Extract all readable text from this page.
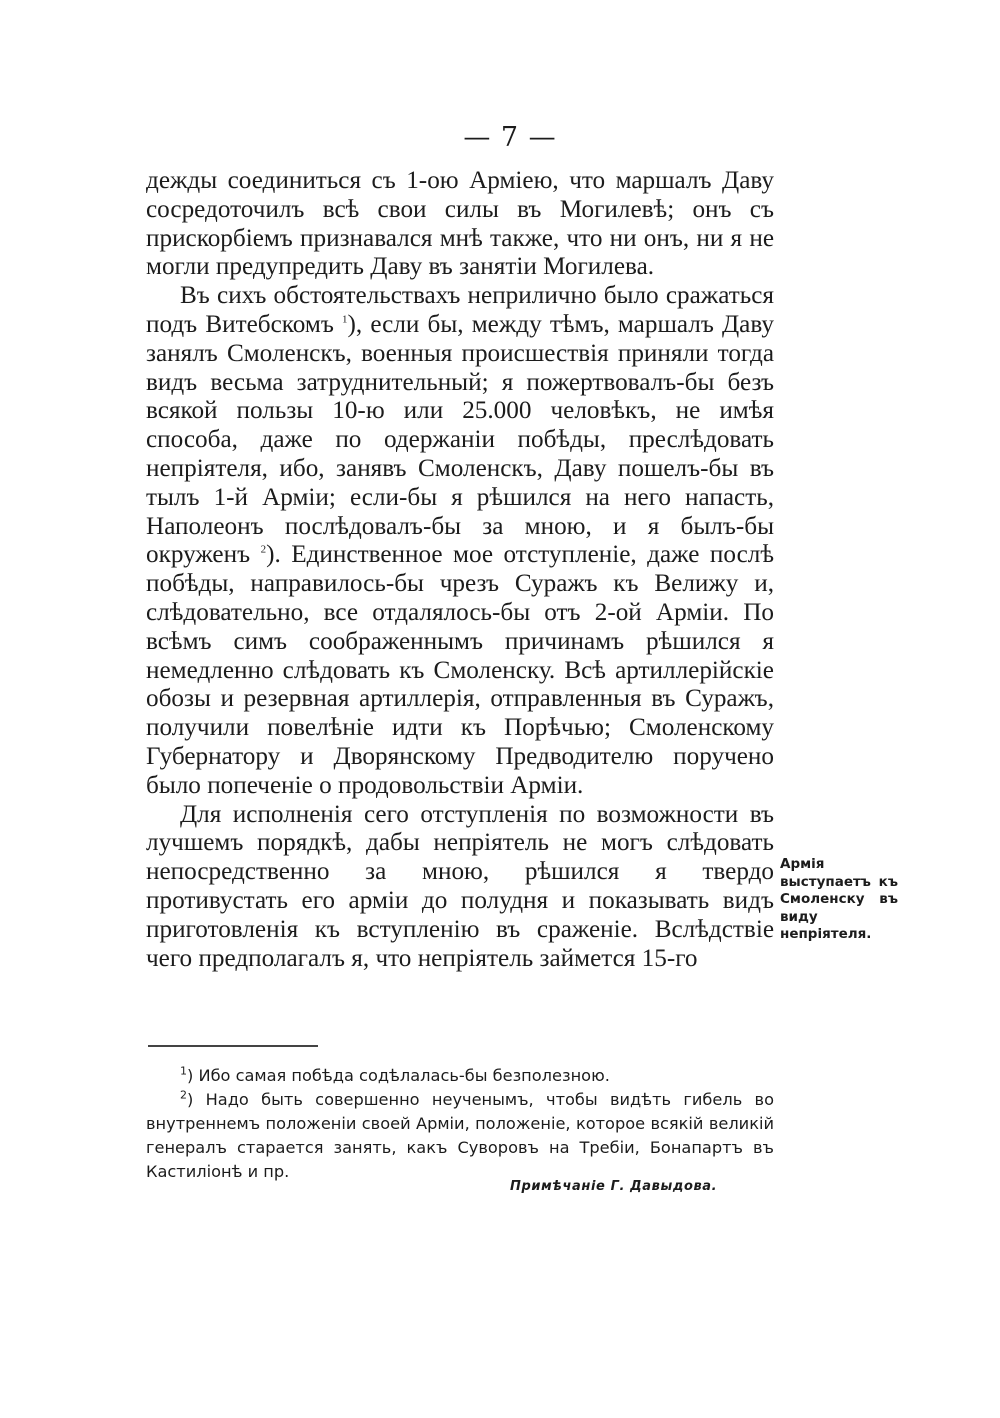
— 7 —

дежды соединиться съ 1-ою Арміею, что маршалъ Даву сосредоточилъ всѣ свои силы въ Могилевѣ; онъ съ прискорбіемъ признавался мнѣ также, что ни онъ, ни я не могли предупредить Даву въ занятіи Могилева.

Въ сихъ обстоятельствахъ неприлично было сражаться подъ Витебскомъ $^1$), если бы, между тѣмъ, маршалъ Даву занялъ Смоленскъ, военныя происшествія приняли тогда видъ весьма затруднительный; я пожертвовалъ-бы безъ всякой пользы 10-ю или 25.000 человѣкъ, не имѣя способа, даже по одержаніи побѣды, преслѣдовать непріятеля, ибо, занявъ Смоленскъ, Даву пошелъ-бы въ тылъ 1-й Арміи; если-бы я рѣшился на него напасть, Наполеонъ послѣдовалъ-бы за мною, и я былъ-бы окруженъ $^2$). Единственное мое отступленіе, даже послѣ побѣды, направилось-бы чрезъ Суражъ къ Велижу и, слѣдовательно, все отдалялось-бы отъ 2-ой Арміи. По всѣмъ симъ соображеннымъ причинамъ рѣшился я немедленно слѣдовать къ Смоленску. Всѣ артиллерійскіе обозы и резервная артиллерія, отправленныя въ Суражъ, получили повелѣніе идти къ Порѣчью; Смоленскому Губернатору и Дворянскому Предводителю поручено было попеченіе о продовольствіи Арміи.

Для исполненія сего отступленія по возможности въ лучшемъ порядкѣ, дабы непріятель не могъ слѣдовать непосредственно за мною, рѣшился я твердо противустать его арміи до полудня и показывать видъ приготовленія къ вступленію въ сраженіе. Вслѣдствіе чего предполагалъ я, что непріятель займется 15-го

Армія выступаетъ къ Смоленску въ виду непріятеля.

$^1$) Ибо самая побѣда содѣлалась-бы безполезною.

$^2$) Надо быть совершенно неученымъ, чтобы видѣть гибель во внутреннемъ положеніи своей Арміи, положеніе, которое всякій великій генералъ старается занять, какъ Суворовъ на Требіи, Бонапартъ въ Кастиліонѣ и пр.

Примѣчаніе Г. Давыдова.
